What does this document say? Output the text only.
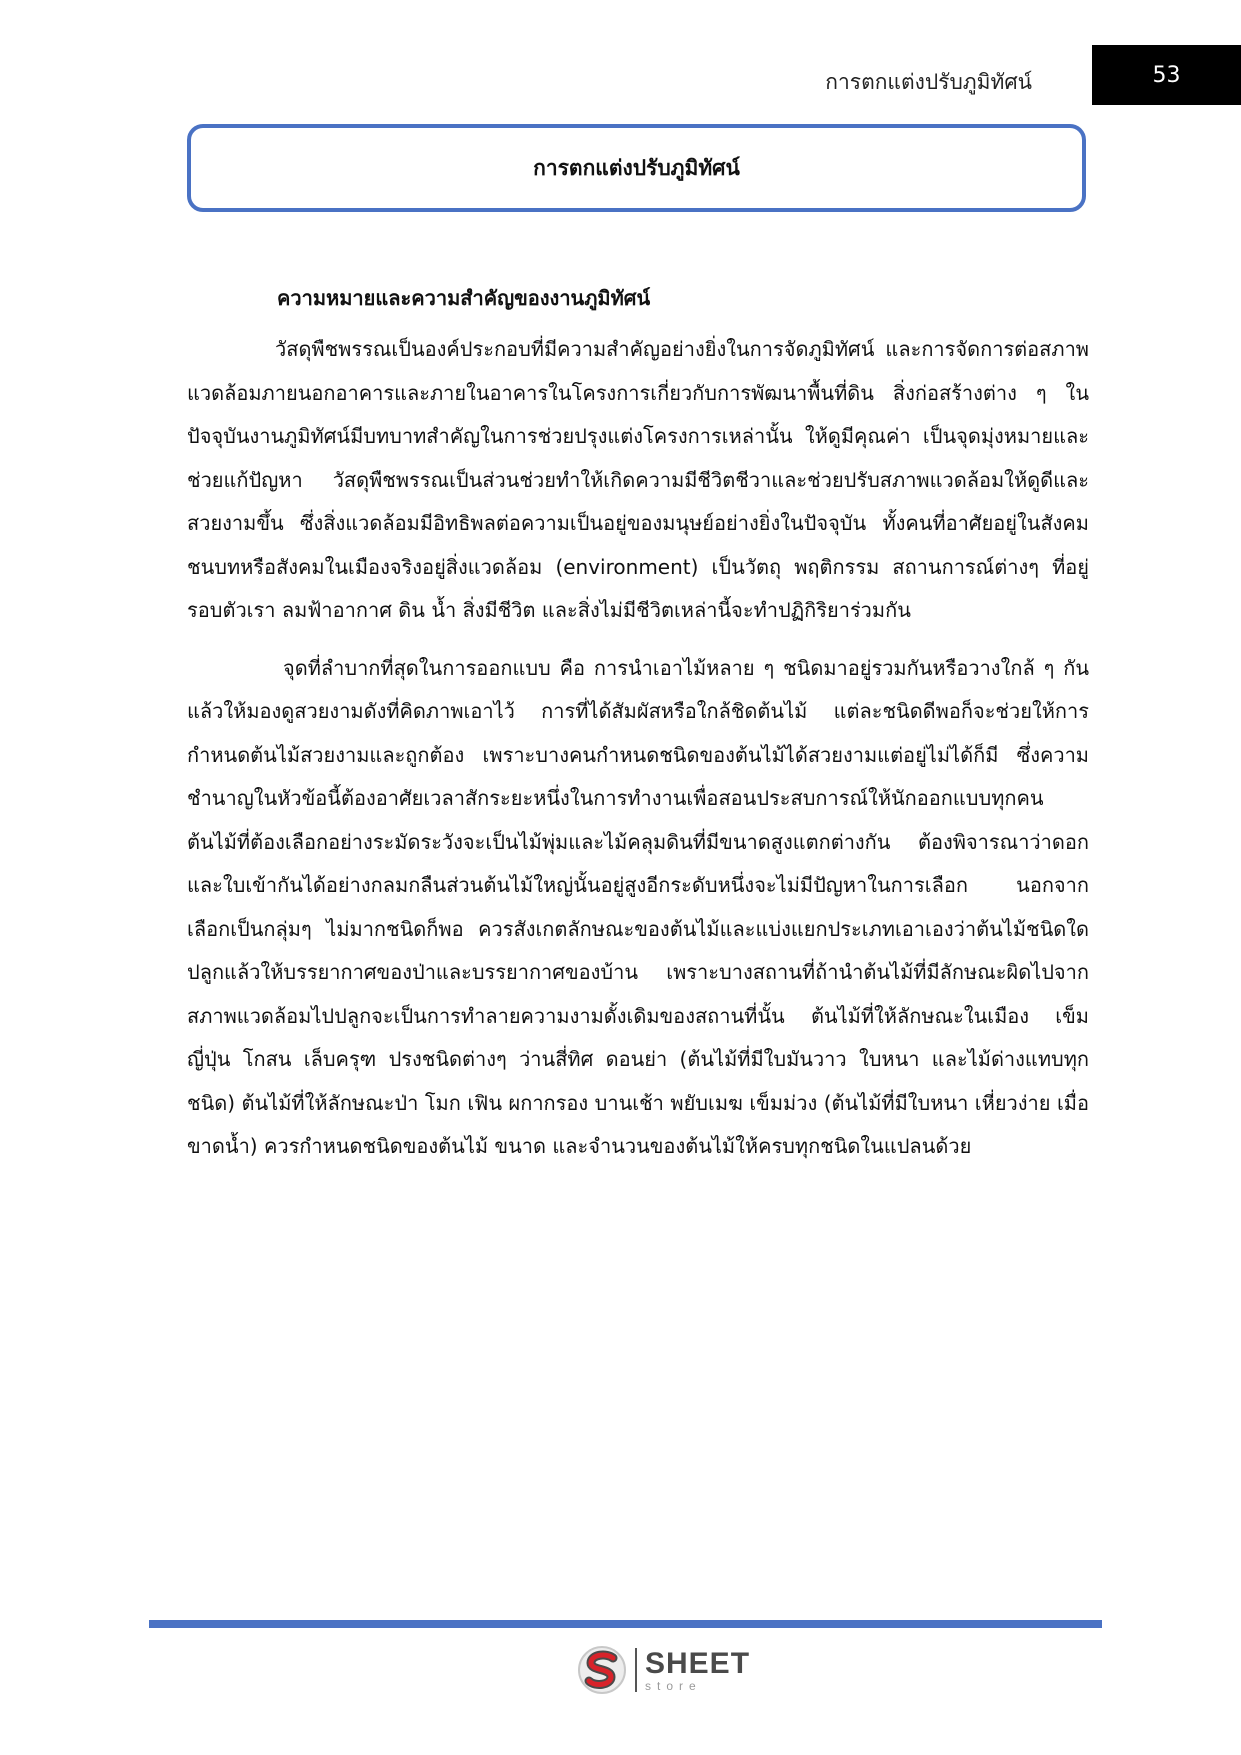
การตกแต่งปรับภูมิทัศน์	53
การตกแต่งปรับภูมิทัศน์
ความหมายและความสำคัญของงานภูมิทัศน์

วัสดุพืชพรรณเป็นองค์ประกอบที่มีความสำคัญอย่างยิ่งในการจัดภูมิทัศน์ และการจัดการต่อสภาพแวดล้อมภายนอกอาคารและภายในอาคารในโครงการเกี่ยวกับการพัฒนาพื้นที่ดิน สิ่งก่อสร้างต่าง ๆ ในปัจจุบันงานภูมิทัศน์มีบทบาทสำคัญในการช่วยปรุงแต่งโครงการเหล่านั้น ให้ดูมีคุณค่า เป็นจุดมุ่งหมายและช่วยแก้ปัญหา วัสดุพืชพรรณเป็นส่วนช่วยทำให้เกิดความมีชีวิตชีวาและช่วยปรับสภาพแวดล้อมให้ดูดีและสวยงามขึ้น ซึ่งสิ่งแวดล้อมมีอิทธิพลต่อความเป็นอยู่ของมนุษย์อย่างยิ่งในปัจจุบัน ทั้งคนที่อาศัยอยู่ในสังคมชนบทหรือสังคมในเมืองจริงอยู่สิ่งแวดล้อม (environment) เป็นวัตถุ พฤติกรรม สถานการณ์ต่างๆ ที่อยู่รอบตัวเรา ลมฟ้าอากาศ ดิน น้ำ สิ่งมีชีวิต และสิ่งไม่มีชีวิตเหล่านี้จะทำปฏิกิริยาร่วมกัน

จุดที่ลำบากที่สุดในการออกแบบ คือ การนำเอาไม้หลาย ๆ ชนิดมาอยู่รวมกันหรือวางใกล้ ๆ กันแล้วให้มองดูสวยงามดังที่คิดภาพเอาไว้ การที่ได้สัมผัสหรือใกล้ชิดต้นไม้ แต่ละชนิดดีพอก็จะช่วยให้การกำหนดต้นไม้สวยงามและถูกต้อง เพราะบางคนกำหนดชนิดของต้นไม้ได้สวยงามแต่อยู่ไม่ได้ก็มี ซึ่งความชำนาญในหัวข้อนี้ต้องอาศัยเวลาสักระยะหนึ่งในการทำงานเพื่อสอนประสบการณ์ให้นักออกแบบทุกคน ต้นไม้ที่ต้องเลือกอย่างระมัดระวังจะเป็นไม้พุ่มและไม้คลุมดินที่มีขนาดสูงแตกต่างกัน ต้องพิจารณาว่าดอกและใบเข้ากันได้อย่างกลมกลืนส่วนต้นไม้ใหญ่นั้นอยู่สูงอีกระดับหนึ่งจะไม่มีปัญหาในการเลือก นอกจากเลือกเป็นกลุ่มๆ ไม่มากชนิดก็พอ ควรสังเกตลักษณะของต้นไม้และแบ่งแยกประเภทเอาเองว่าต้นไม้ชนิดใดปลูกแล้วให้บรรยากาศของป่าและบรรยากาศของบ้าน เพราะบางสถานที่ถ้านำต้นไม้ที่มีลักษณะผิดไปจากสภาพแวดล้อมไปปลูกจะเป็นการทำลายความงามดั้งเดิมของสถานที่นั้น ต้นไม้ที่ให้ลักษณะในเมือง เข็มญี่ปุ่น โกสน เล็บครุฑ ปรงชนิดต่างๆ ว่านสี่ทิศ ดอนย่า (ต้นไม้ที่มีใบมันวาว ใบหนา และไม้ด่างแทบทุกชนิด) ต้นไม้ที่ให้ลักษณะป่า โมก เฟิน ผกากรอง บานเช้า พยับเมฆ เข็มม่วง (ต้นไม้ที่มีใบหนา เหี่ยวง่าย เมื่อขาดน้ำ) ควรกำหนดชนิดของต้นไม้ ขนาด และจำนวนของต้นไม้ให้ครบทุกชนิดในแปลนด้วย

SHEET
store
